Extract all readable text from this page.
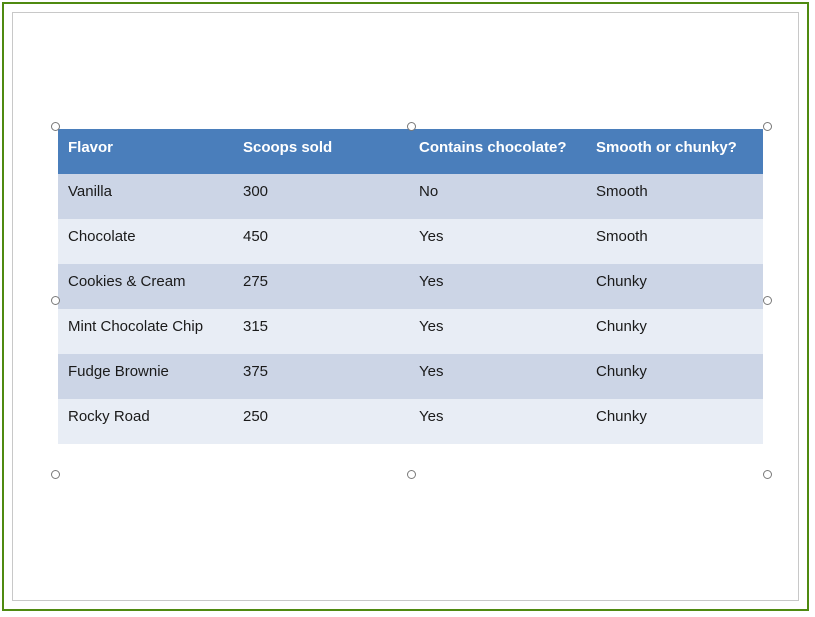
Flavor	Scoops sold	Contains chocolate?	Smooth or chunky?
Vanilla	300	No	Smooth
Chocolate	450	Yes	Smooth
Cookies & Cream	275	Yes	Chunky
Mint Chocolate Chip	315	Yes	Chunky
Fudge Brownie	375	Yes	Chunky
Rocky Road	250	Yes	Chunky
